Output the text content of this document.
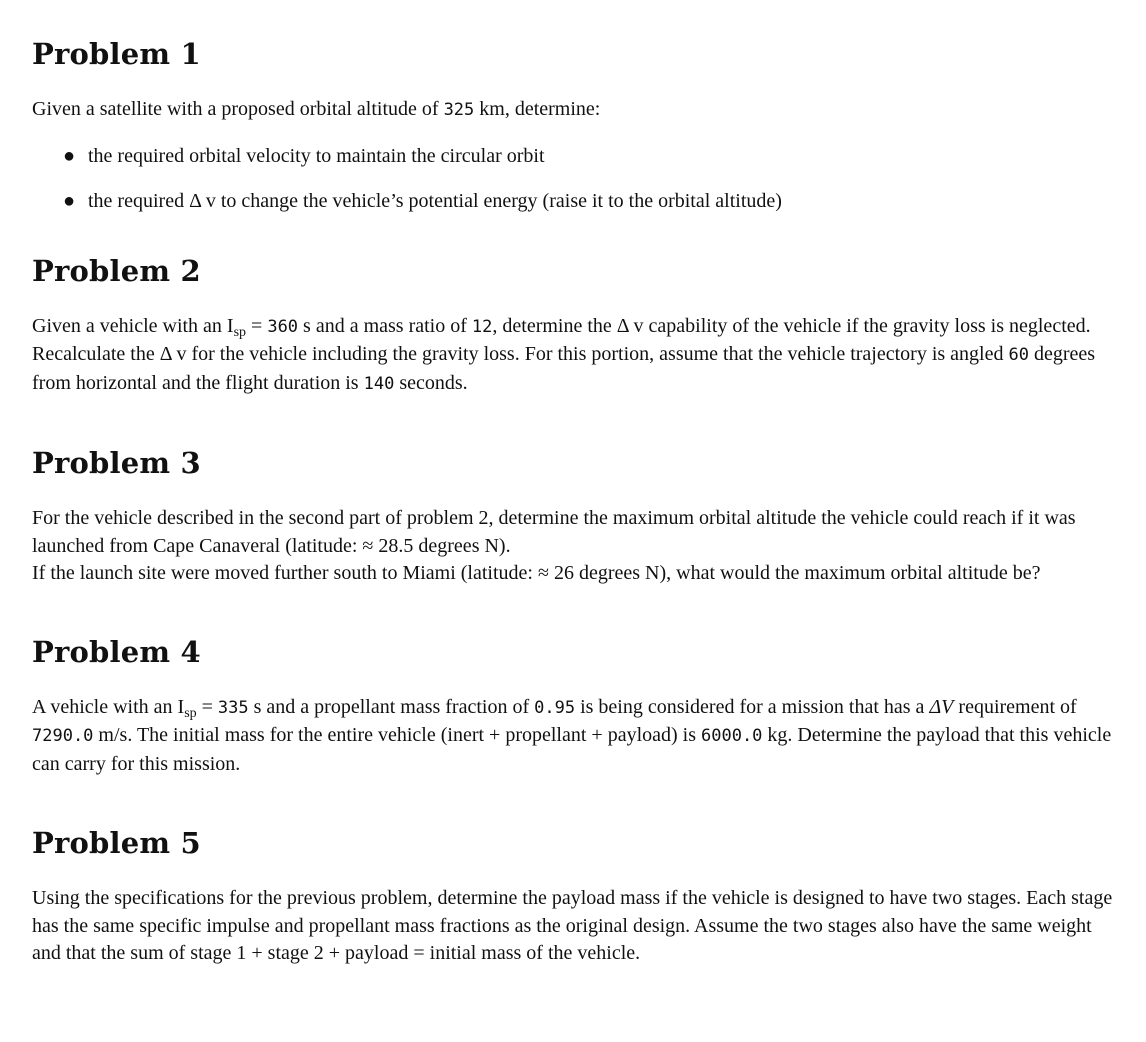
Problem 1

Given a satellite with a proposed orbital altitude of 325 km, determine:

● the required orbital velocity to maintain the circular orbit
● the required Δ v to change the vehicle’s potential energy (raise it to the orbital altitude)
Problem 2

Given a vehicle with an $I_{sp} = 360$ s and a mass ratio of 12, determine the Δ v capability of the vehicle if the gravity loss is neglected. Recalculate the Δ v for the vehicle including the gravity loss. For this portion, assume that the vehicle trajectory is angled 60 degrees from horizontal and the flight duration is 140 seconds.

Problem 3

For the vehicle described in the second part of problem 2, determine the maximum orbital altitude the vehicle could reach if it was launched from Cape Canaveral (latitude: ≈ 28.5 degrees N).

If the launch site were moved further south to Miami (latitude: ≈ 26 degrees N), what would the maximum orbital altitude be?

Problem 4

A vehicle with an $I_{sp} = 335$ s and a propellant mass fraction of 0.95 is being considered for a mission that has a ΔV requirement of 7290.0 m/s. The initial mass for the entire vehicle (inert + propellant + payload) is 6000.0 kg. Determine the payload that this vehicle can carry for this mission.

Problem 5

Using the specifications for the previous problem, determine the payload mass if the vehicle is designed to have two stages. Each stage has the same specific impulse and propellant mass fractions as the original design. Assume the two stages also have the same weight and that the sum of stage 1 + stage 2 + payload = initial mass of the vehicle.
